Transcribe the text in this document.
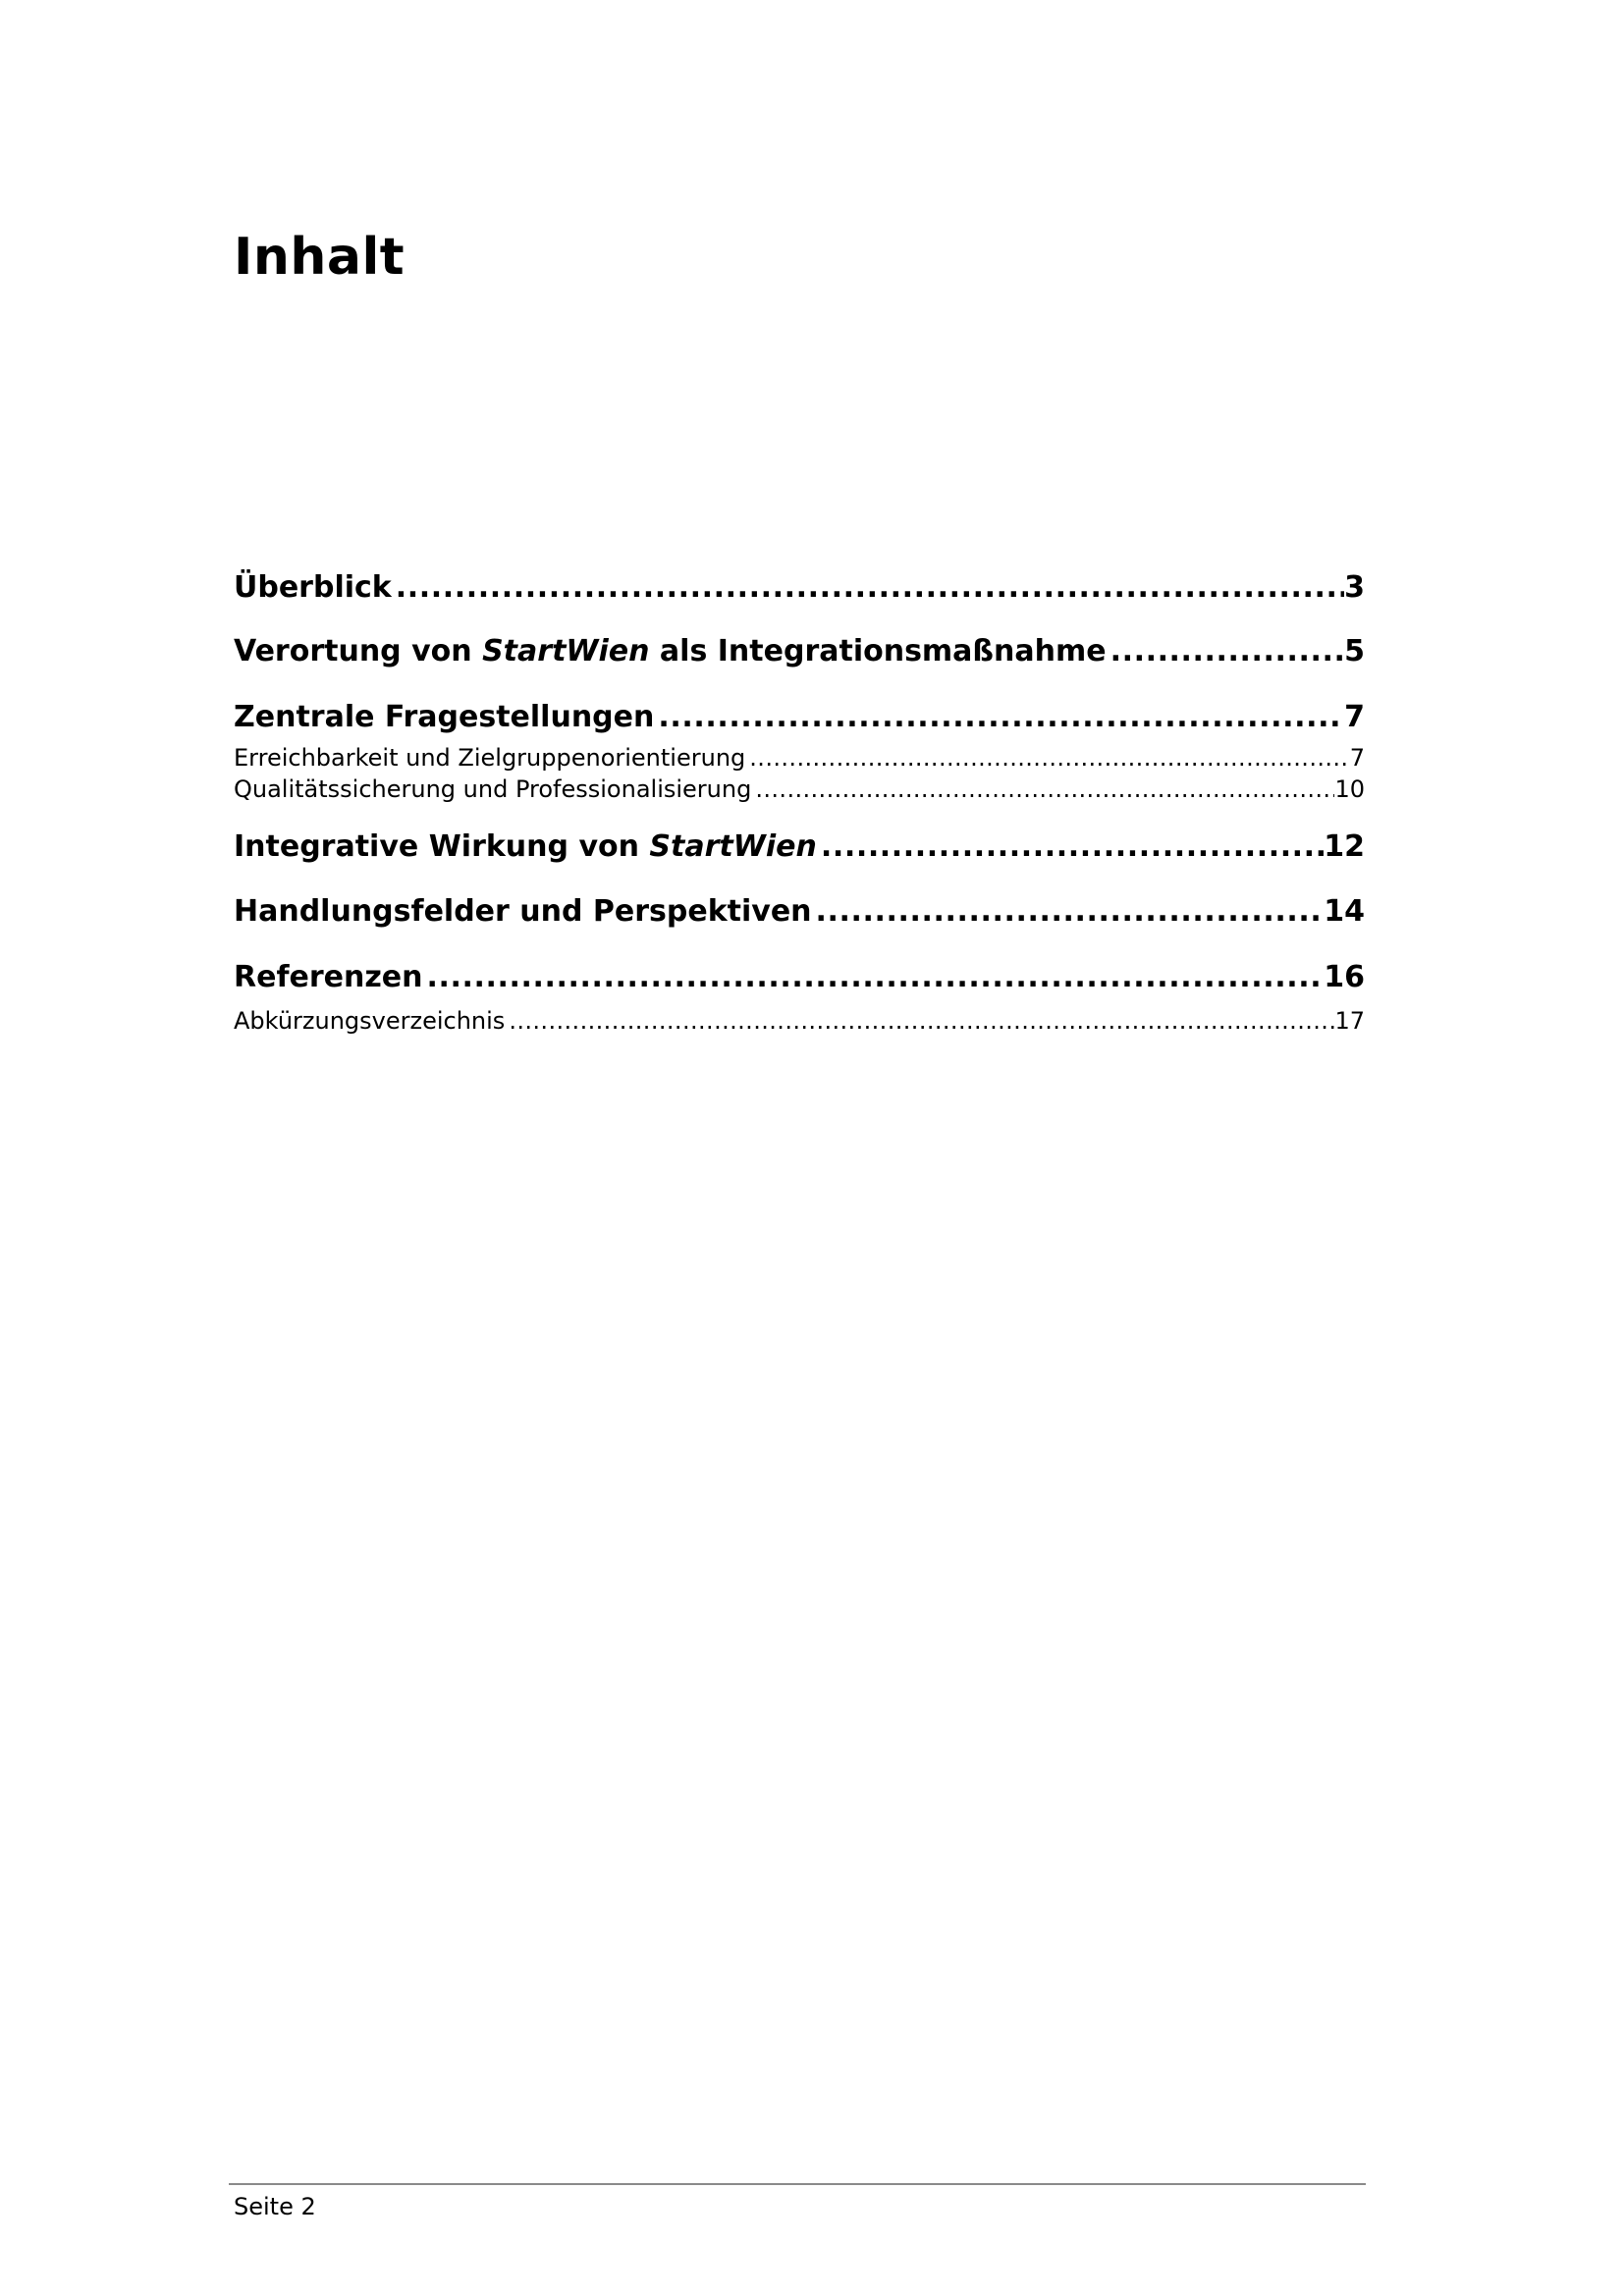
Inhalt
Überblick .....	3
Verortung von StartWien als Integrationsmaßnahme .....	5
Zentrale Fragestellungen .....	7
Erreichbarkeit und Zielgruppenorientierung .....	7
Qualitätssicherung und Professionalisierung .....	10
Integrative Wirkung von StartWien .....	12
Handlungsfelder und Perspektiven .....	14
Referenzen .....	16
Abkürzungsverzeichnis .....	17
Seite 2
